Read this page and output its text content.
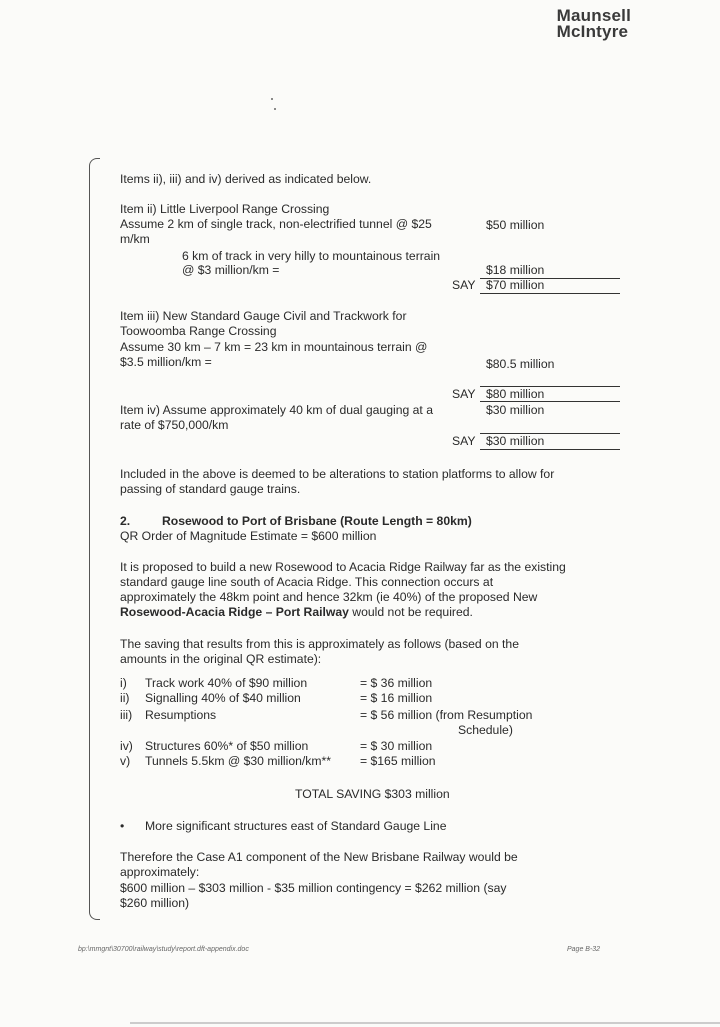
Maunsell
McIntyre
Items ii), iii) and iv) derived as indicated below.
Item ii) Little Liverpool Range Crossing
Assume 2 km of single track, non-electrified tunnel @ $25
m/km
$50 million
6 km of track in very hilly to mountainous terrain
@ $3 million/km =	$18 million
SAY $70 million
Item iii) New Standard Gauge Civil and Trackwork for
Toowoomba Range Crossing
Assume 30 km – 7 km = 23 km in mountainous terrain @
$3.5 million/km =	$80.5 million
SAY $80 million
Item iv) Assume approximately 40 km of dual gauging at a
rate of $750,000/km
$30 million
SAY $30 million
Included in the above is deemed to be alterations to station platforms to allow for
passing of standard gauge trains.
2.	Rosewood to Port of Brisbane (Route Length = 80km)
QR Order of Magnitude Estimate = $600 million
It is proposed to build a new Rosewood to Acacia Ridge Railway far as the existing
standard gauge line south of Acacia Ridge. This connection occurs at
approximately the 48km point and hence 32km (ie 40%) of the proposed New
Rosewood-Acacia Ridge – Port Railway would not be required.
The saving that results from this is approximately as follows (based on the
amounts in the original QR estimate):
i) Track work 40% of $90 million	= $ 36 million
ii) Signalling 40% of $40 million	= $ 16 million
iii) Resumptions	= $ 56 million (from Resumption
Schedule)
iv) Structures 60%* of $50 million	= $ 30 million
v) Tunnels 5.5km @ $30 million/km** = $165 million
TOTAL SAVING $303 million
• More significant structures east of Standard Gauge Line
Therefore the Case A1 component of the New Brisbane Railway would be
approximately:
$600 million – $303 million - $35 million contingency = $262 million (say
$260 million)
bp:\mmgnt\30700\railway\study\report.dft-appendix.doc	Page B-32
